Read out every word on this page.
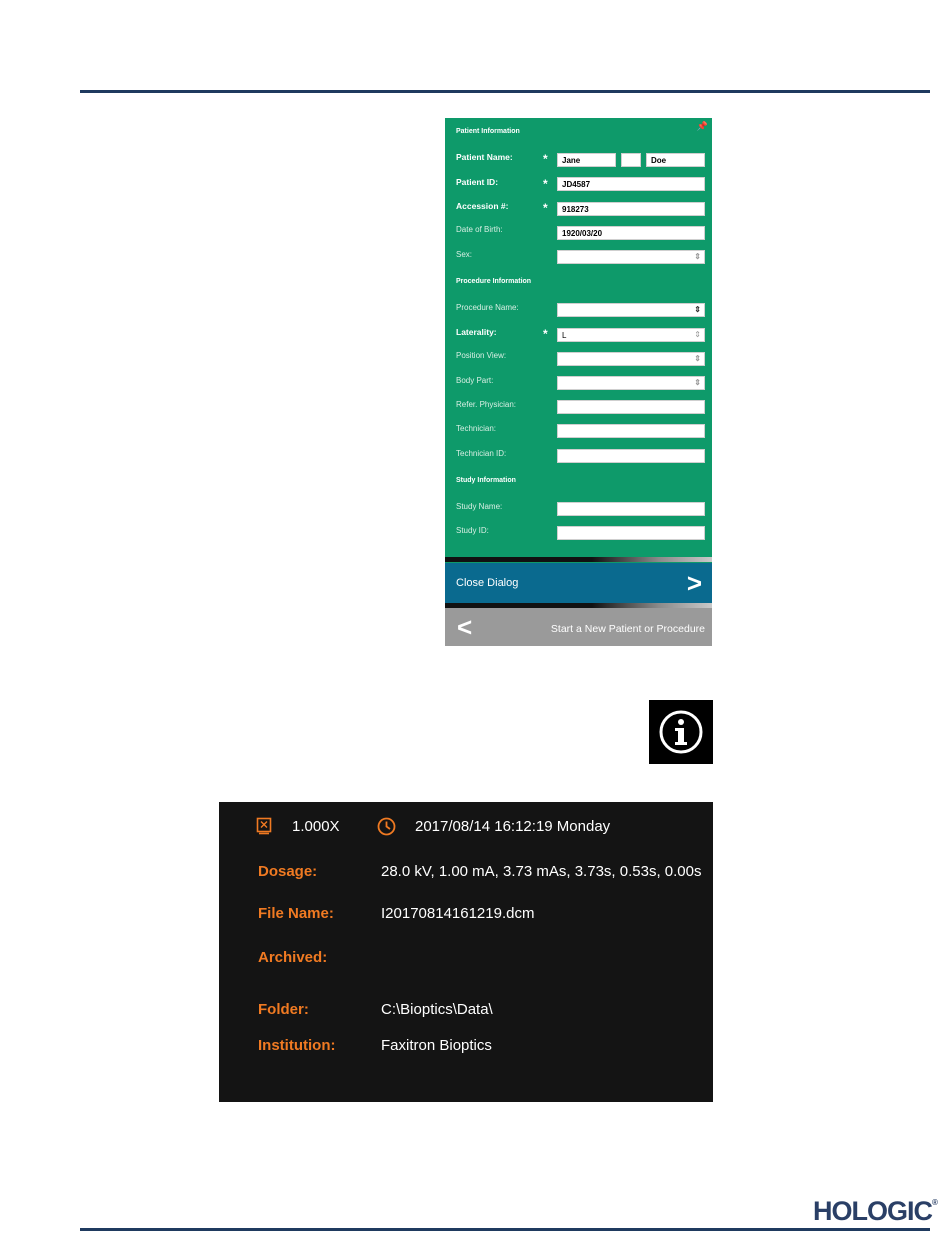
📌
Patient Information
Patient Name:	*	Jane	Doe
Patient ID:	*	JD4587
Accession #:	*	918273
Date of Birth:	1920/03/20
Sex:
⇕
Procedure Information
Procedure Name:
⇕
Laterality:	*	L ⇕
Position View:
⇕
Body Part:
⇕
Refer. Physician:
Technician:
Technician ID:
Study Information
Study Name:
Study ID:
Close Dialog	>
<	Start a New Patient or Procedure
1.000X	2017/08/14 16:12:19 Monday
Dosage:	28.0 kV, 1.00 mA, 3.73 mAs, 3.73s, 0.53s, 0.00s
File Name:	I20170814161219.dcm
Archived:
Folder:	C:\Bioptics\Data\
Institution:	Faxitron Bioptics
HOLOGIC®
